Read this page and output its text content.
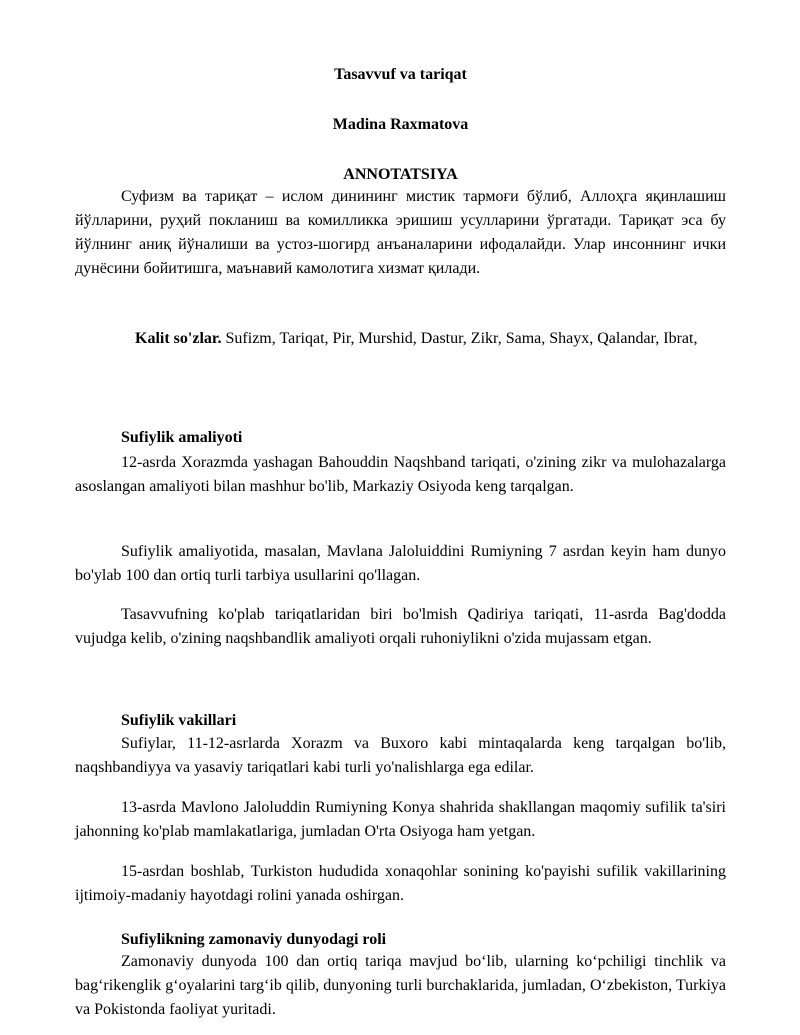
Tasavvuf va tariqat
Madina Raxmatova
ANNOTATSIYA

Суфизм ва тариқат – ислом динининг мистик тармоғи бўлиб, Аллоҳга яқинлашиш йўлларини, руҳий покланиш ва комилликка эришиш усулларини ўргатади. Тариқат эса бу йўлнинг аниқ йўналиши ва устоз-шогирд анъаналарини ифодалайди. Улар инсоннинг ички дунёсини бойитишга, маънавий камолотига хизмат қилади.

Kalit so'zlar. Sufizm, Tariqat, Pir, Murshid, Dastur, Zikr, Sama, Shayx, Qalandar, Ibrat,

Sufiylik amaliyoti

12-asrda Xorazmda yashagan Bahouddin Naqshband tariqati, o'zining zikr va mulohazalarga asoslangan amaliyoti bilan mashhur bo'lib, Markaziy Osiyoda keng tarqalgan.

Sufiylik amaliyotida, masalan, Mavlana Jaloluiddini Rumiyning 7 asrdan keyin ham dunyo bo'ylab 100 dan ortiq turli tarbiya usullarini qo'llagan.

Tasavvufning ko'plab tariqatlaridan biri bo'lmish Qadiriya tariqati, 11-asrda Bag'dodda vujudga kelib, o'zining naqshbandlik amaliyoti orqali ruhoniylikni o'zida mujassam etgan.

Sufiylik vakillari

Sufiylar, 11-12-asrlarda Xorazm va Buxoro kabi mintaqalarda keng tarqalgan bo'lib, naqshbandiyya va yasaviy tariqatlari kabi turli yo'nalishlarga ega edilar.

13-asrda Mavlono Jaloluddin Rumiyning Konya shahrida shakllangan maqomiy sufilik ta'siri jahonning ko'plab mamlakatlariga, jumladan O'rta Osiyoga ham yetgan.

15-asrdan boshlab, Turkiston hududida xonaqohlar sonining ko'payishi sufilik vakillarining ijtimoiy-madaniy hayotdagi rolini yanada oshirgan.

Sufiylikning zamonaviy dunyodagi roli

Zamonaviy dunyoda 100 dan ortiq tariqa mavjud boʻlib, ularning koʻpchiligi tinchlik va bagʻrikenglik gʻoyalarini targʻib qilib, dunyoning turli burchaklarida, jumladan, Oʻzbekiston, Turkiya va Pokistonda faoliyat yuritadi.
